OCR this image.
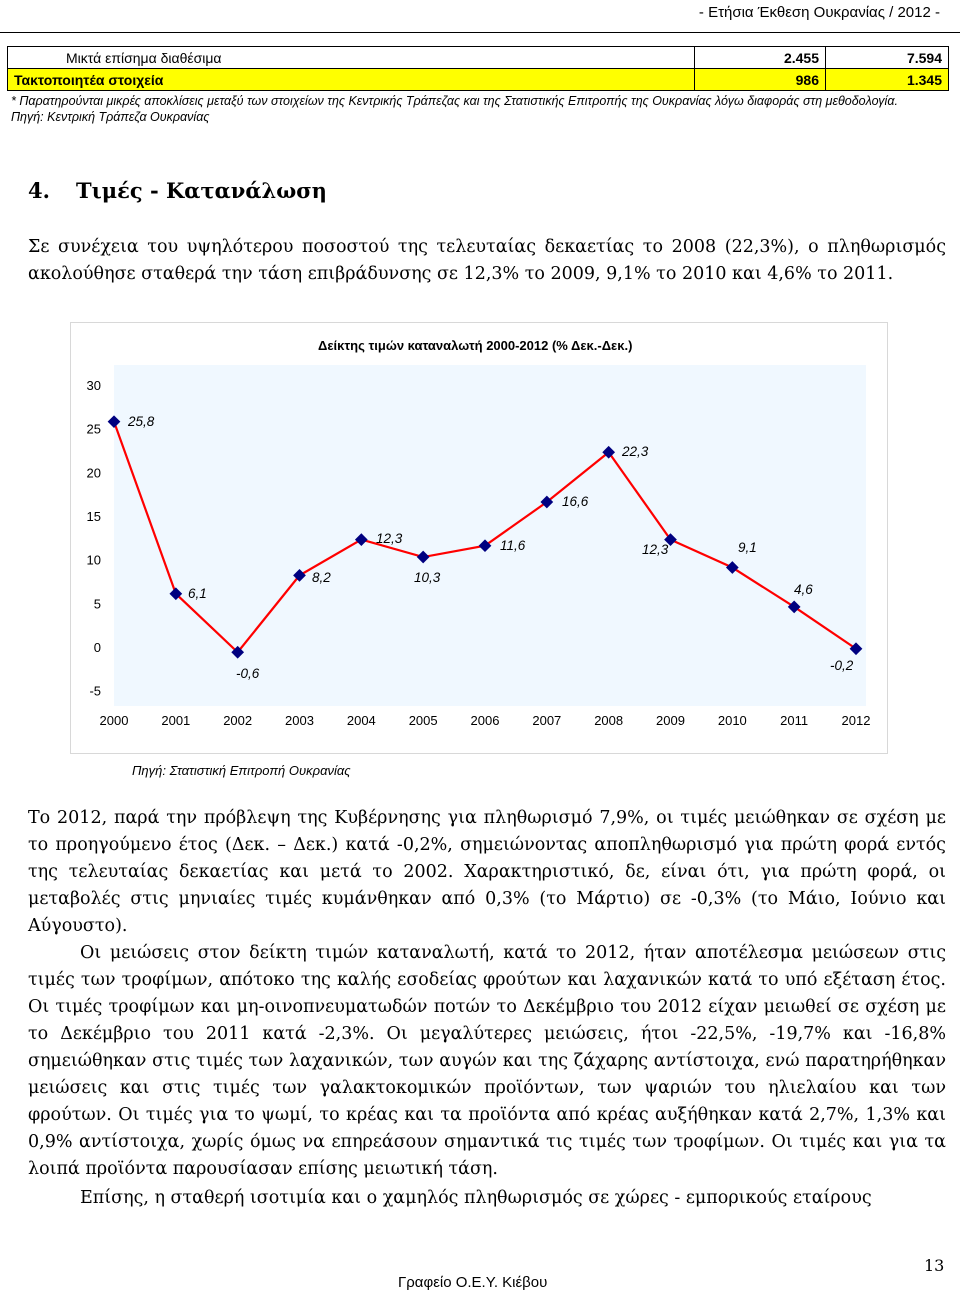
- Ετήσια Έκθεση Ουκρανίας / 2012 -
Μικτά επίσημα διαθέσιμα	2.455	7.594
Τακτοποιητέα στοιχεία	986	1.345
* Παρατηρούνται μικρές αποκλίσεις μεταξύ των στοιχείων της Κεντρικής Τράπεζας και της Στατιστικής Επιτροπής της Ουκρανίας λόγω διαφοράς στη μεθοδολογία.
Πηγή: Κεντρική Τράπεζα Ουκρανίας
4. Τιμές - Κατανάλωση

Σε συνέχεια του υψηλότερου ποσοστού της τελευταίας δεκαετίας το 2008 (22,3%), ο πληθωρισμός ακολούθησε σταθερά την τάση επιβράδυνσης σε 12,3% το 2009, 9,1% το 2010 και 4,6% το 2011.

Δείκτης τιμών καταναλωτή 2000-2012 (% Δεκ.-Δεκ.)
-5
0
5
10
15
20
25
30
2000	2001	2002	2003	2004	2005	2006	2007	2008	2009	2010	2011	2012
25,8
6,1
-0,6
8,2
12,3
10,3
11,6
16,6
22,3
12,3	9,1
4,6
-0,2
Πηγή: Στατιστική Επιτροπή Ουκρανίας

Το 2012, παρά την πρόβλεψη της Κυβέρνησης για πληθωρισμό 7,9%, οι τιμές μειώθηκαν σε σχέση με το προηγούμενο έτος (Δεκ. – Δεκ.) κατά -0,2%, σημειώνοντας αποπληθωρισμό για πρώτη φορά εντός της τελευταίας δεκαετίας και μετά το 2002. Χαρακτηριστικό, δε, είναι ότι, για πρώτη φορά, οι μεταβολές στις μηνιαίες τιμές κυμάνθηκαν από 0,3% (το Μάρτιο) σε -0,3% (το Μάιο, Ιούνιο και Αύγουστο).

Οι μειώσεις στον δείκτη τιμών καταναλωτή, κατά το 2012, ήταν αποτέλεσμα μειώσεων στις τιμές των τροφίμων, απότοκο της καλής εσοδείας φρούτων και λαχανικών κατά το υπό εξέταση έτος. Οι τιμές τροφίμων και μη-οινοπνευματωδών ποτών το Δεκέμβριο του 2012 είχαν μειωθεί σε σχέση με το Δεκέμβριο του 2011 κατά -2,3%. Οι μεγαλύτερες μειώσεις, ήτοι -22,5%, -19,7% και -16,8% σημειώθηκαν στις τιμές των λαχανικών, των αυγών και της ζάχαρης αντίστοιχα, ενώ παρατηρήθηκαν μειώσεις και στις τιμές των γαλακτοκομικών προϊόντων, των ψαριών του ηλιελαίου και των φρούτων. Οι τιμές για το ψωμί, το κρέας και τα προϊόντα από κρέας αυξήθηκαν κατά 2,7%, 1,3% και 0,9% αντίστοιχα, χωρίς όμως να επηρεάσουν σημαντικά τις τιμές των τροφίμων. Οι τιμές και για τα λοιπά προϊόντα παρουσίασαν επίσης μειωτική τάση.

Επίσης, η σταθερή ισοτιμία και ο χαμηλός πληθωρισμός σε χώρες - εμπορικούς εταίρους

13
Γραφείο Ο.Ε.Υ. Κιέβου
